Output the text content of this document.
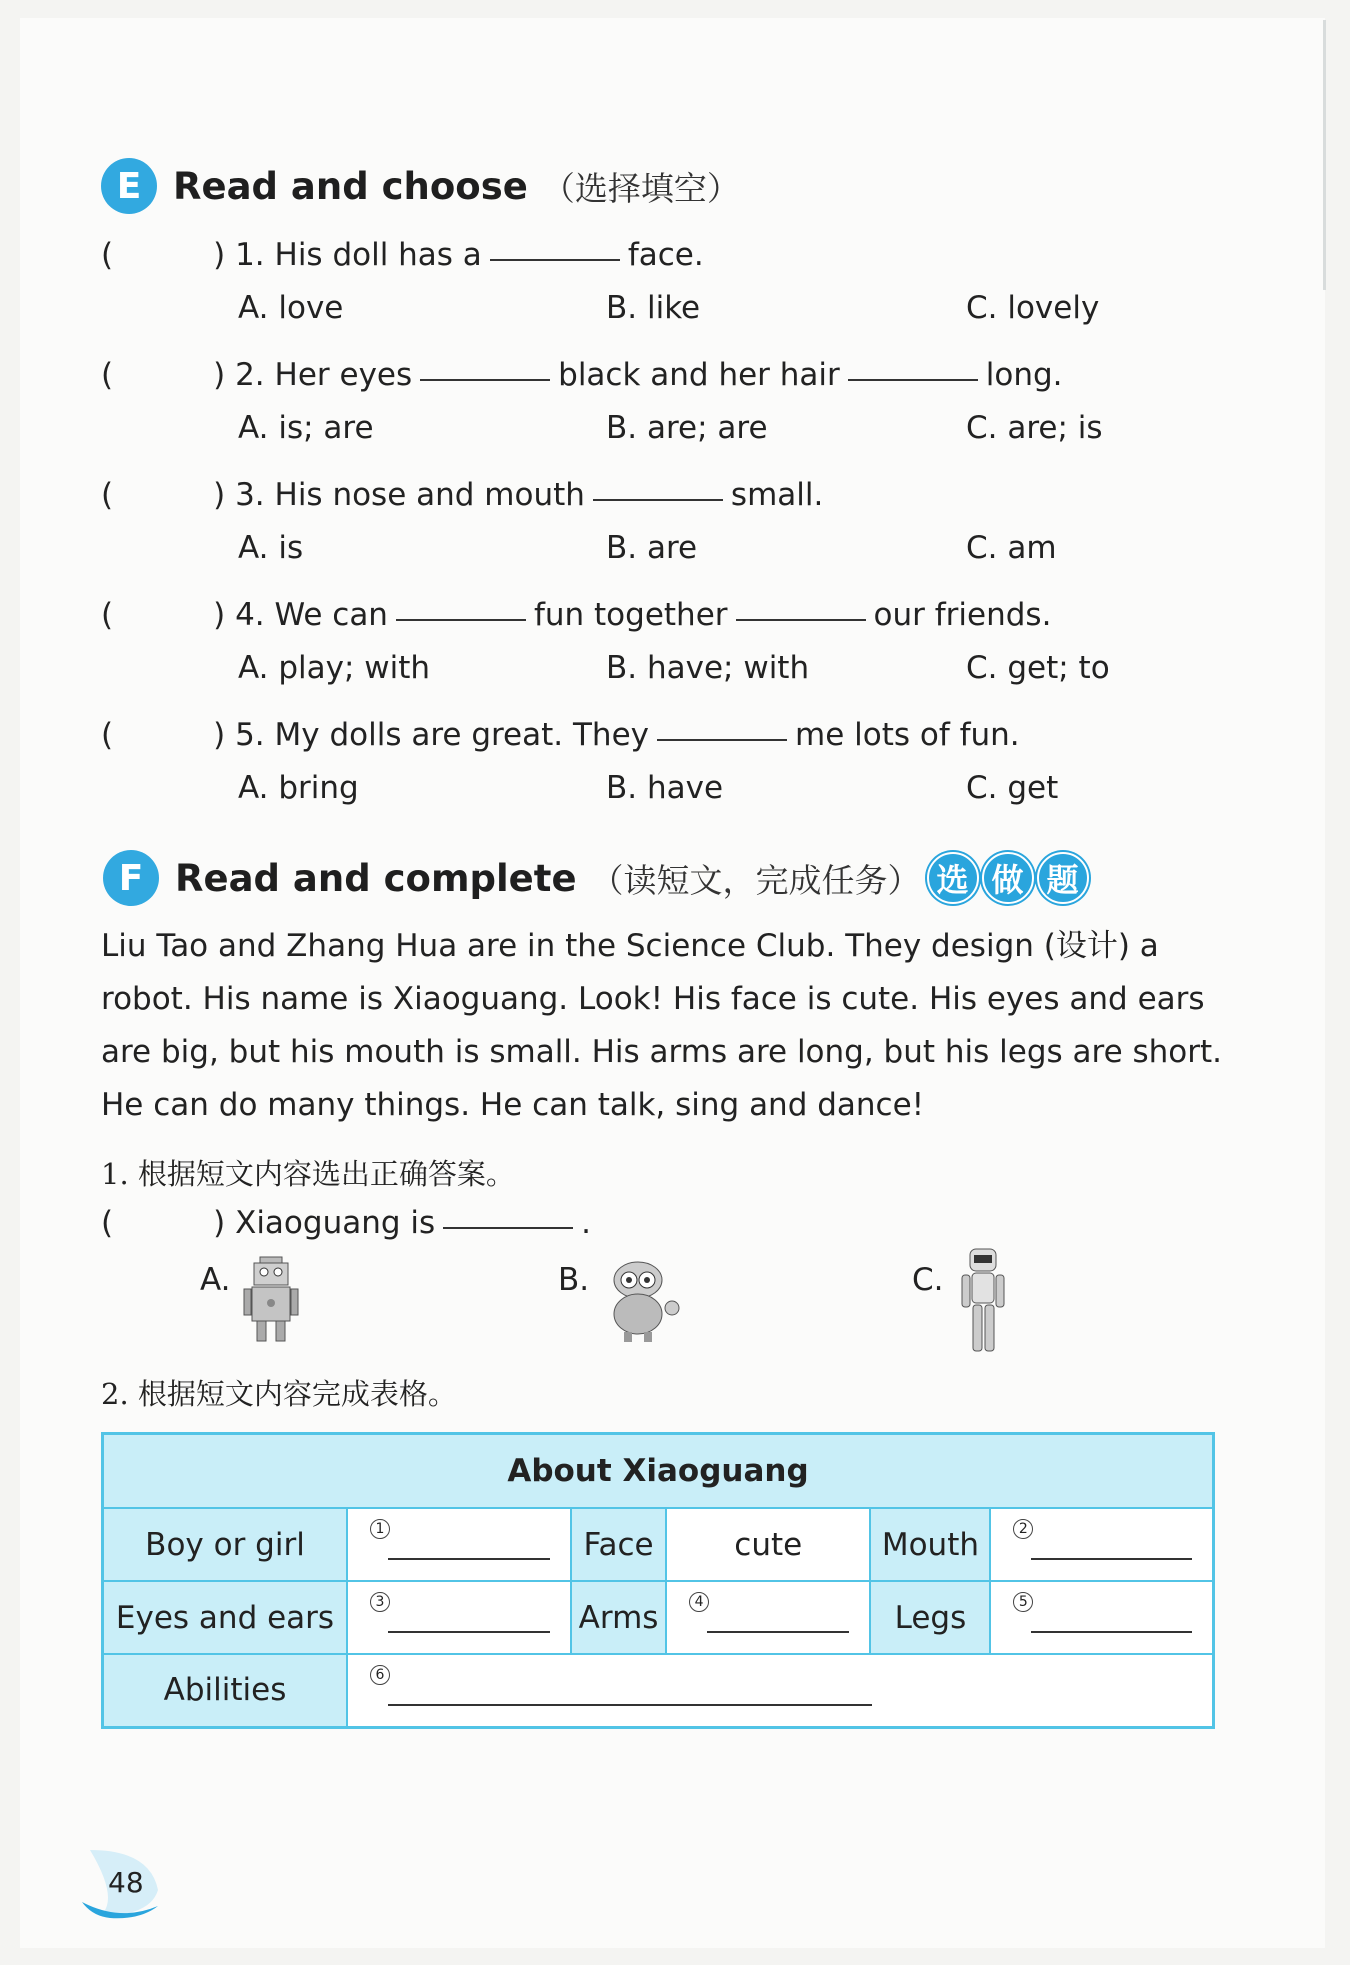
E Read and choose （选择填空）
(	) 1. His doll has a	face.
A. love	B. like	C. lovely
(	) 2. Her eyes	black and her hair	long.
A. is; are	B. are; are	C. are; is
(	) 3. His nose and mouth	small.
A. is	B. are	C. am
(	) 4. We can	fun together	our friends.
A. play; with	B. have; with	C. get; to
(	) 5. My dolls are great. They	me lots of fun.
A. bring	B. have	C. get
F Read and complete （读短文，完成任务） 选 做 题
Liu Tao and Zhang Hua are in the Science Club. They design (设计) a
robot. His name is Xiaoguang. Look! His face is cute. His eyes and ears
are big, but his mouth is small. His arms are long, but his legs are short.
He can do many things. He can talk, sing and dance!
1. 根据短文内容选出正确答案。
(	) Xiaoguang is	.
A.	B.	C.
2. 根据短文内容完成表格。
About Xiaoguang					
Boy or girl	1	Face	cute	Mouth	2

Eyes and ears	3	Arms	4	Legs	5

Abilities	6				
48
